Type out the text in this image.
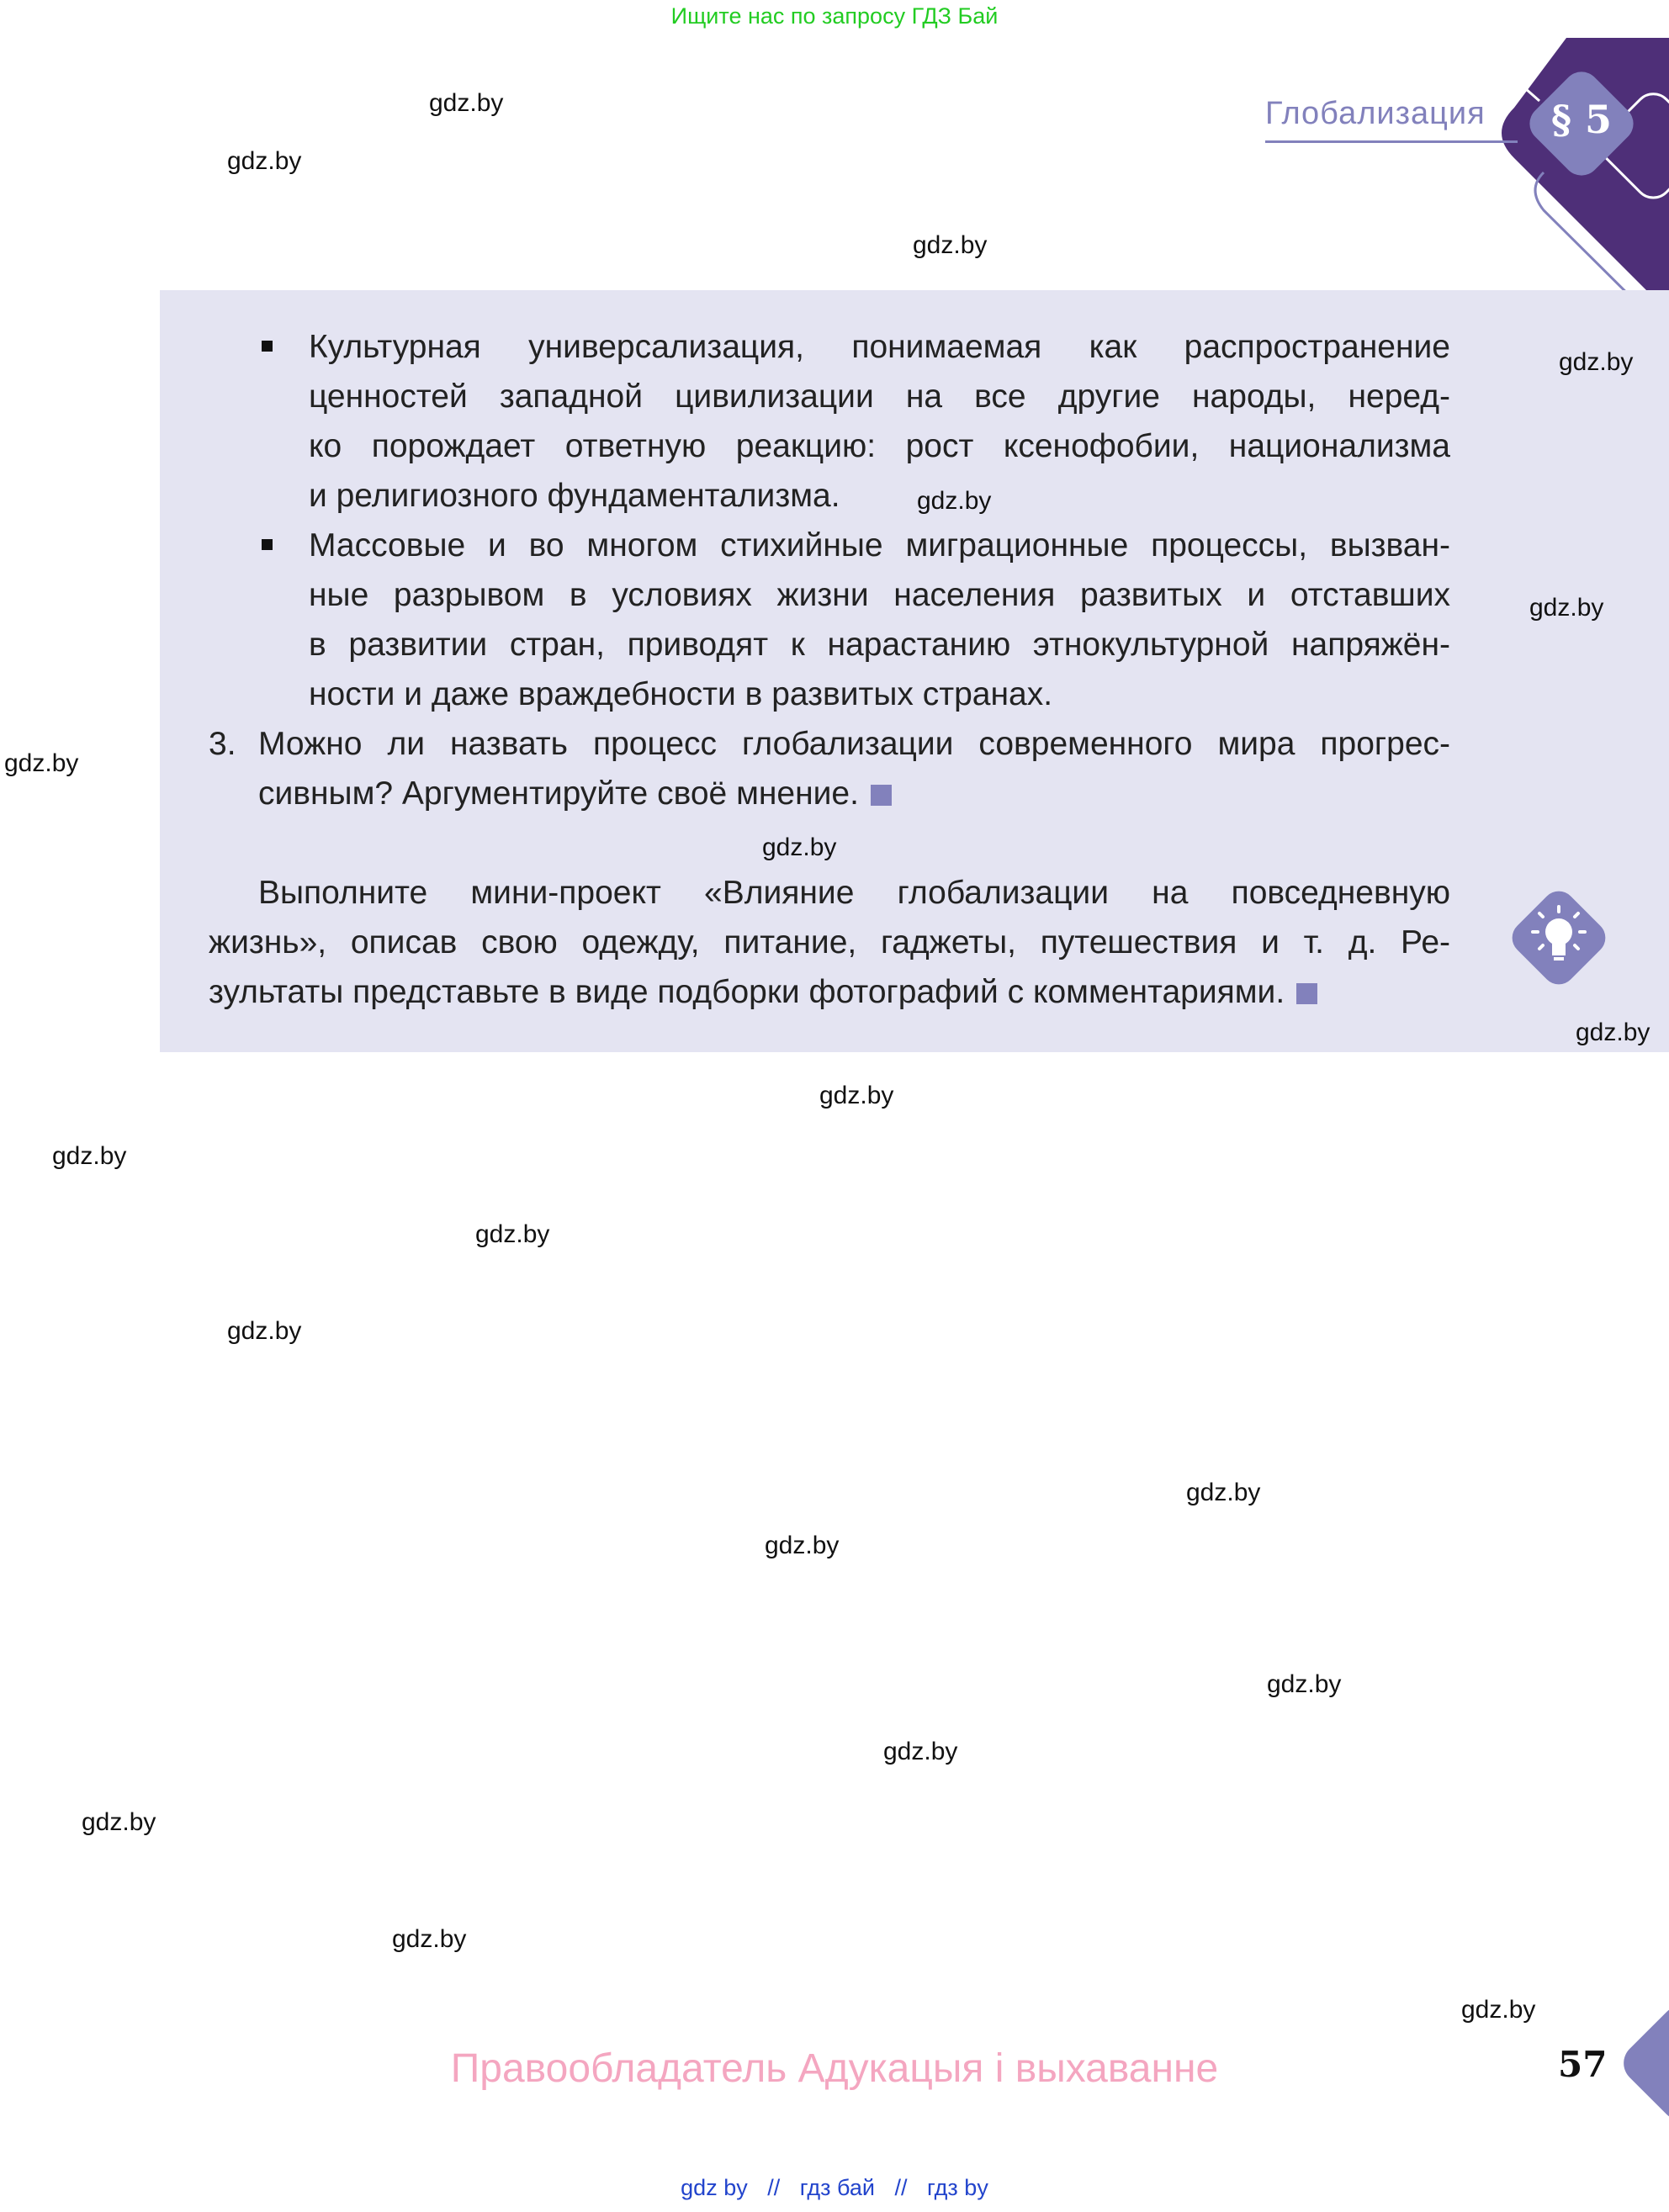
Ищите нас по запросу ГДЗ Бай
§ 5
Глобализация
Культурная универсализация, понимаемая как распространение
ценностей западной цивилизации на все другие народы, неред-
ко порождает ответную реакцию: рост ксенофобии, национализма
и религиозного фундаментализма.
Массовые и во многом стихийные миграционные процессы, вызван-
ные разрывом в условиях жизни населения развитых и отставших
в развитии стран, приводят к нарастанию этнокультурной напряжён-
ности и даже враждебности в развитых странах.
3. Можно ли назвать процесс глобализации современного мира прогрес-
сивным? Аргументируйте своё мнение.
Выполните мини-проект «Влияние глобализации на повседневную
жизнь», описав свою одежду, питание, гаджеты, путешествия и т. д. Ре-
зультаты представьте в виде подборки фотографий с комментариями.
gdz.by
gdz.by
gdz.by
gdz.by
gdz.by
gdz.by
gdz.by
gdz.by
gdz.by
gdz.by
gdz.by
gdz.by
gdz.by
gdz.by
gdz.by
gdz.by
gdz.by
gdz.by
gdz.by
gdz.by
Правообладатель Адукацыя і выхаванне	57
gdz by // гдз бай // гдз by
